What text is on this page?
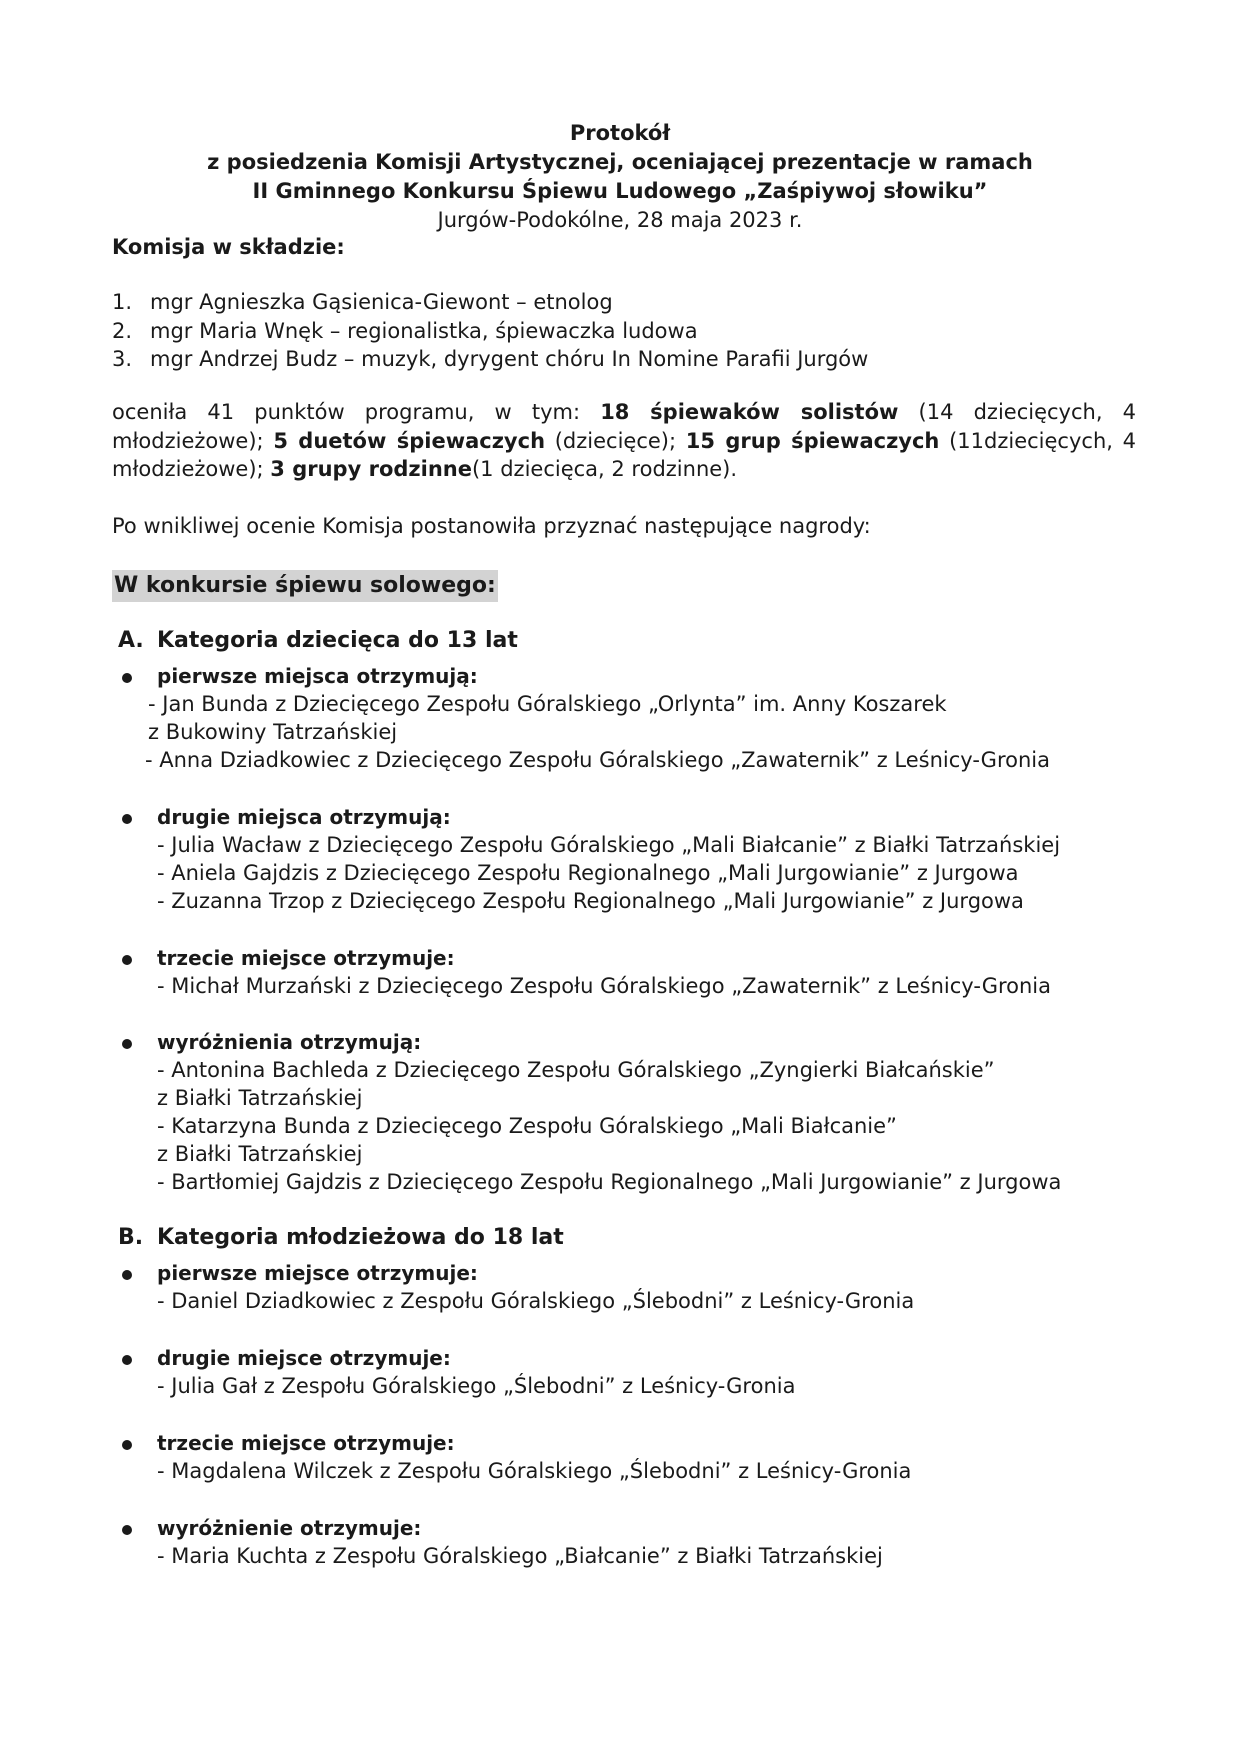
Protokół
z posiedzenia Komisji Artystycznej, oceniającej prezentacje w ramach
II Gminnego Konkursu Śpiewu Ludowego „Zaśpiywoj słowiku”
Jurgów-Podokólne, 28 maja 2023 r.
Komisja w składzie:
1. mgr Agnieszka Gąsienica-Giewont – etnolog
2. mgr Maria Wnęk – regionalistka, śpiewaczka ludowa
3. mgr Andrzej Budz – muzyk, dyrygent chóru In Nomine Parafii Jurgów
oceniła 41 punktów programu, w tym: 18 śpiewaków solistów (14 dziecięcych, 4 młodzieżowe); 5 duetów śpiewaczych (dziecięce); 15 grup śpiewaczych (11dziecięcych, 4 młodzieżowe); 3 grupy rodzinne(1 dziecięca, 2 rodzinne).
Po wnikliwej ocenie Komisja postanowiła przyznać następujące nagrody:
W konkursie śpiewu solowego:
A. Kategoria dziecięca do 13 lat
pierwsze miejsca otrzymują:
- Jan Bunda z Dziecięcego Zespołu Góralskiego „Orlynta” im. Anny Koszarek
z Bukowiny Tatrzańskiej
- Anna Dziadkowiec z Dziecięcego Zespołu Góralskiego „Zawaternik” z Leśnicy-Gronia
drugie miejsca otrzymują:
- Julia Wacław z Dziecięcego Zespołu Góralskiego „Mali Białcanie” z Białki Tatrzańskiej
- Aniela Gajdzis z Dziecięcego Zespołu Regionalnego „Mali Jurgowianie” z Jurgowa
- Zuzanna Trzop z Dziecięcego Zespołu Regionalnego „Mali Jurgowianie” z Jurgowa
trzecie miejsce otrzymuje:
- Michał Murzański z Dziecięcego Zespołu Góralskiego „Zawaternik” z Leśnicy-Gronia
wyróżnienia otrzymują:
- Antonina Bachleda z Dziecięcego Zespołu Góralskiego „Zyngierki Białcańskie”
z Białki Tatrzańskiej
- Katarzyna Bunda z Dziecięcego Zespołu Góralskiego „Mali Białcanie”
z Białki Tatrzańskiej
- Bartłomiej Gajdzis z Dziecięcego Zespołu Regionalnego „Mali Jurgowianie” z Jurgowa
B. Kategoria młodzieżowa do 18 lat
pierwsze miejsce otrzymuje:
- Daniel Dziadkowiec z Zespołu Góralskiego „Ślebodni” z Leśnicy-Gronia
drugie miejsce otrzymuje:
- Julia Gał z Zespołu Góralskiego „Ślebodni” z Leśnicy-Gronia
trzecie miejsce otrzymuje:
- Magdalena Wilczek z Zespołu Góralskiego „Ślebodni” z Leśnicy-Gronia
wyróżnienie otrzymuje:
- Maria Kuchta z Zespołu Góralskiego „Białcanie” z Białki Tatrzańskiej
